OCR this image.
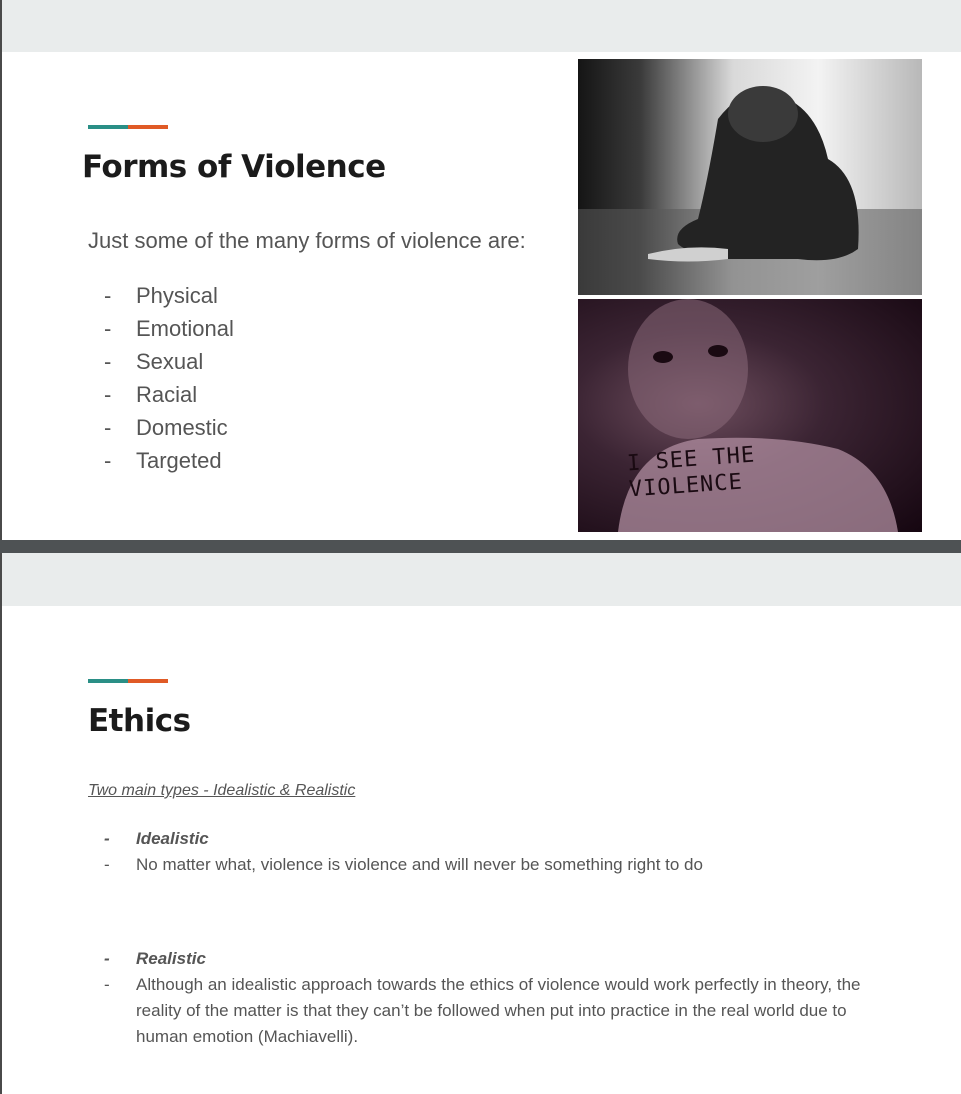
Forms of Violence
Just some of the many forms of violence are:
- Physical
- Emotional
- Sexual
- Racial
- Domestic
- Targeted	I SEE THE
VIOLENCE
Ethics
Two main types - Idealistic & Realistic
- Idealistic
- No matter what, violence is violence and will never be something right to do
- Realistic
- Although an idealistic approach towards the ethics of violence would work perfectly in theory, the reality of the matter is that they can’t be followed when put into practice in the real world due to human emotion (Machiavelli).
